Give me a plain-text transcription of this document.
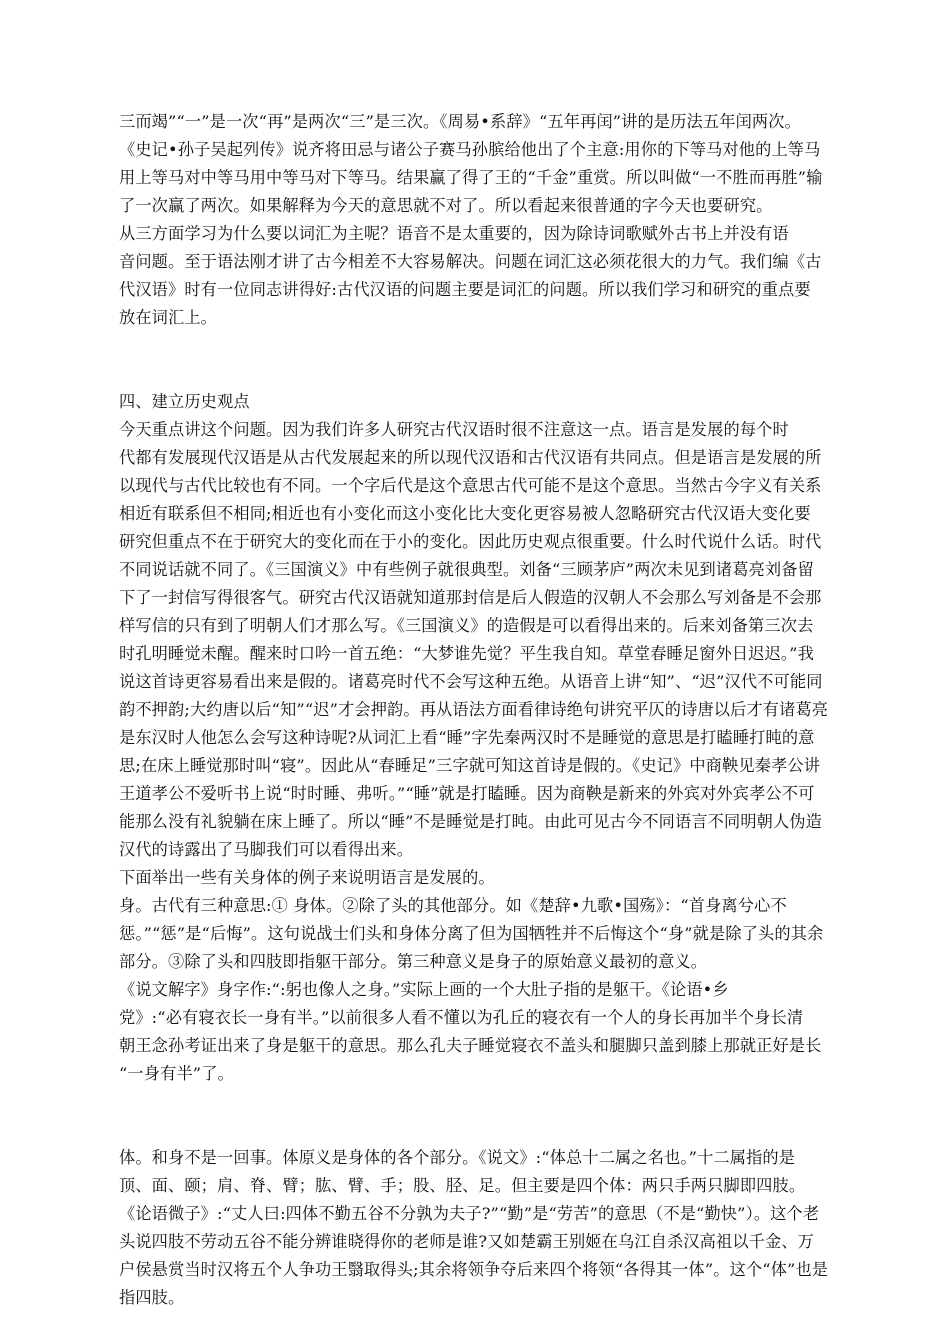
三而竭”“一”是一次“再”是两次“三”是三次。《周易•系辞》“五年再闰”讲的是历法五年闰两次。
《史记•孙子吴起列传》说齐将田忌与诸公子赛马孙膑给他出了个主意:用你的下等马对他的上等马
用上等马对中等马用中等马对下等马。结果赢了得了王的“千金”重赏。所以叫做“一不胜而再胜”输
了一次赢了两次。如果解释为今天的意思就不对了。所以看起来很普通的字今天也要研究。
从三方面学习为什么要以词汇为主呢？语音不是太重要的，因为除诗词歌赋外古书上并没有语
音问题。至于语法刚才讲了古今相差不大容易解决。问题在词汇这必须花很大的力气。我们编《古
代汉语》时有一位同志讲得好:古代汉语的问题主要是词汇的问题。所以我们学习和研究的重点要
放在词汇上。
四、建立历史观点
今天重点讲这个问题。因为我们许多人研究古代汉语时很不注意这一点。语言是发展的每个时
代都有发展现代汉语是从古代发展起来的所以现代汉语和古代汉语有共同点。但是语言是发展的所
以现代与古代比较也有不同。一个字后代是这个意思古代可能不是这个意思。当然古今字义有关系
相近有联系但不相同;相近也有小变化而这小变化比大变化更容易被人忽略研究古代汉语大变化要
研究但重点不在于研究大的变化而在于小的变化。因此历史观点很重要。什么时代说什么话。时代
不同说话就不同了。《三国演义》中有些例子就很典型。刘备“三顾茅庐”两次未见到诸葛亮刘备留
下了一封信写得很客气。研究古代汉语就知道那封信是后人假造的汉朝人不会那么写刘备是不会那
样写信的只有到了明朝人们才那么写。《三国演义》的造假是可以看得出来的。后来刘备第三次去
时孔明睡觉未醒。醒来时口吟一首五绝：“大梦谁先觉？平生我自知。草堂春睡足窗外日迟迟。”我
说这首诗更容易看出来是假的。诸葛亮时代不会写这种五绝。从语音上讲“知”、“迟”汉代不可能同
韵不押韵;大约唐以后“知”“迟”才会押韵。再从语法方面看律诗绝句讲究平仄的诗唐以后才有诸葛亮
是东汉时人他怎么会写这种诗呢?从词汇上看“睡”字先秦两汉时不是睡觉的意思是打瞌睡打盹的意
思;在床上睡觉那时叫“寝”。因此从“春睡足”三字就可知这首诗是假的。《史记》中商鞅见秦孝公讲
王道孝公不爱听书上说“时时睡、弗听。”“睡”就是打瞌睡。因为商鞅是新来的外宾对外宾孝公不可
能那么没有礼貌躺在床上睡了。所以“睡”不是睡觉是打盹。由此可见古今不同语言不同明朝人伪造
汉代的诗露出了马脚我们可以看得出来。
下面举出一些有关身体的例子来说明语言是发展的。
身。古代有三种意思:① 身体。②除了头的其他部分。如《楚辞•九歌•国殇》：“首身离兮心不
惩。”“惩”是“后悔”。这句说战士们头和身体分离了但为国牺牲并不后悔这个“身”就是除了头的其余
部分。③除了头和四肢即指躯干部分。第三种意义是身子的原始意义最初的意义。
《说文解字》身字作:“:躬也像人之身。”实际上画的一个大肚子指的是躯干。《论语•乡
党》:“必有寝衣长一身有半。”以前很多人看不懂以为孔丘的寝衣有一个人的身长再加半个身长清
朝王念孙考证出来了身是躯干的意思。那么孔夫子睡觉寝衣不盖头和腿脚只盖到膝上那就正好是长
“一身有半”了。
体。和身不是一回事。体原义是身体的各个部分。《说文》:“体总十二属之名也。”十二属指的是
顶、面、颐；肩、脊、臂；肱、臂、手；股、胫、足。但主要是四个体：两只手两只脚即四肢。
《论语微子》:“丈人曰:四体不勤五谷不分孰为夫子?”“勤”是“劳苦”的意思（不是“勤快”）。这个老
头说四肢不劳动五谷不能分辨谁晓得你的老师是谁?又如楚霸王别姬在乌江自杀汉高祖以千金、万
户侯悬赏当时汉将五个人争功王翳取得头;其余将领争夺后来四个将领“各得其一体”。这个“体”也是
指四肢。
